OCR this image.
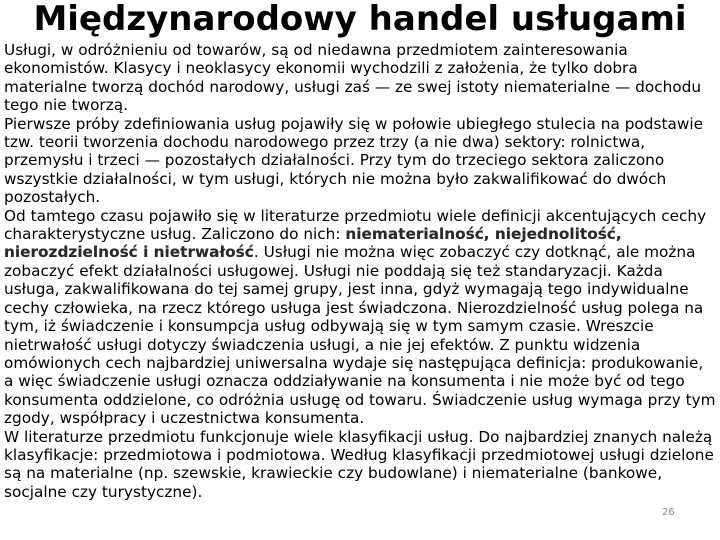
Międzynarodowy handel usługami

Usługi, w odróżnieniu od towarów, są od niedawna przedmiotem zainteresowania ekonomistów. Klasycy i neoklasycy ekonomii wychodzili z założenia, że tylko dobra materialne tworzą dochód narodowy, usługi zaś — ze swej istoty niematerialne — dochodu tego nie tworzą.

Pierwsze próby zdefiniowania usług pojawiły się w połowie ubiegłego stulecia na podstawie tzw. teorii tworzenia dochodu narodowego przez trzy (a nie dwa) sektory: rolnictwa, przemysłu i trzeci — pozostałych działalności. Przy tym do trzeciego sektora zaliczono wszystkie działalności, w tym usługi, których nie można było zakwalifikować do dwóch pozostałych.

Od tamtego czasu pojawiło się w literaturze przedmiotu wiele definicji akcentujących cechy charakterystyczne usług. Zaliczono do nich: niematerialność, niejednolitość, nierozdzielność i nietrwałość. Usługi nie można więc zobaczyć czy dotknąć, ale można zobaczyć efekt działalności usługowej. Usługi nie poddają się też standaryzacji. Każda usługa, zakwalifikowana do tej samej grupy, jest inna, gdyż wymagają tego indywidualne cechy człowieka, na rzecz którego usługa jest świadczona. Nierozdzielność usług polega na tym, iż świadczenie i konsumpcja usług odbywają się w tym samym czasie. Wreszcie nietrwałość usługi dotyczy świadczenia usługi, a nie jej efektów. Z punktu widzenia omówionych cech najbardziej uniwersalna wydaje się następująca definicja: produkowanie, a więc świadczenie usługi oznacza oddziaływanie na konsumenta i nie może być od tego konsumenta oddzielone, co odróżnia usługę od towaru. Świadczenie usług wymaga przy tym zgody, współpracy i uczestnictwa konsumenta.

W literaturze przedmiotu funkcjonuje wiele klasyfikacji usług. Do najbardziej znanych należą klasyfikacje: przedmiotowa i podmiotowa. Według klasyfikacji przedmiotowej usługi dzielone są na materialne (np. szewskie, krawieckie czy budowlane) i niematerialne (bankowe, socjalne czy turystyczne).

26
